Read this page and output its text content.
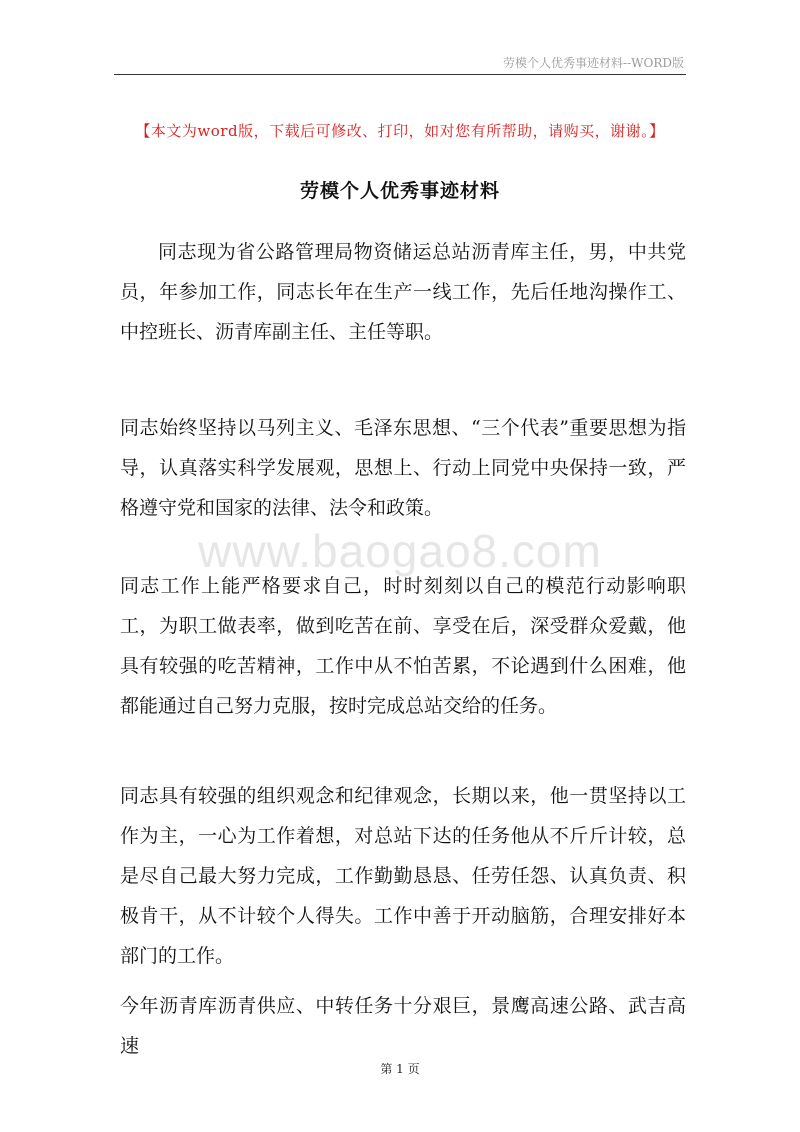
劳模个人优秀事迹材料--WORD版
【本文为word版，下载后可修改、打印，如对您有所帮助，请购买，谢谢。】
劳模个人优秀事迹材料
同志现为省公路管理局物资储运总站沥青库主任，男，中共党员，年参加工作，同志长年在生产一线工作，先后任地沟操作工、中控班长、沥青库副主任、主任等职。
同志始终坚持以马列主义、毛泽东思想、“三个代表”重要思想为指导，认真落实科学发展观，思想上、行动上同党中央保持一致，严格遵守党和国家的法律、法令和政策。
同志工作上能严格要求自己，时时刻刻以自己的模范行动影响职工，为职工做表率，做到吃苦在前、享受在后，深受群众爱戴，他具有较强的吃苦精神，工作中从不怕苦累，不论遇到什么困难，他都能通过自己努力克服，按时完成总站交给的任务。
同志具有较强的组织观念和纪律观念，长期以来，他一贯坚持以工作为主，一心为工作着想，对总站下达的任务他从不斤斤计较，总是尽自己最大努力完成，工作勤勤恳恳、任劳任怨、认真负责、积极肯干，从不计较个人得失。工作中善于开动脑筋，合理安排好本部门的工作。
今年沥青库沥青供应、中转任务十分艰巨，景鹰高速公路、武吉高速
www.baogao8.com
第 1 页
